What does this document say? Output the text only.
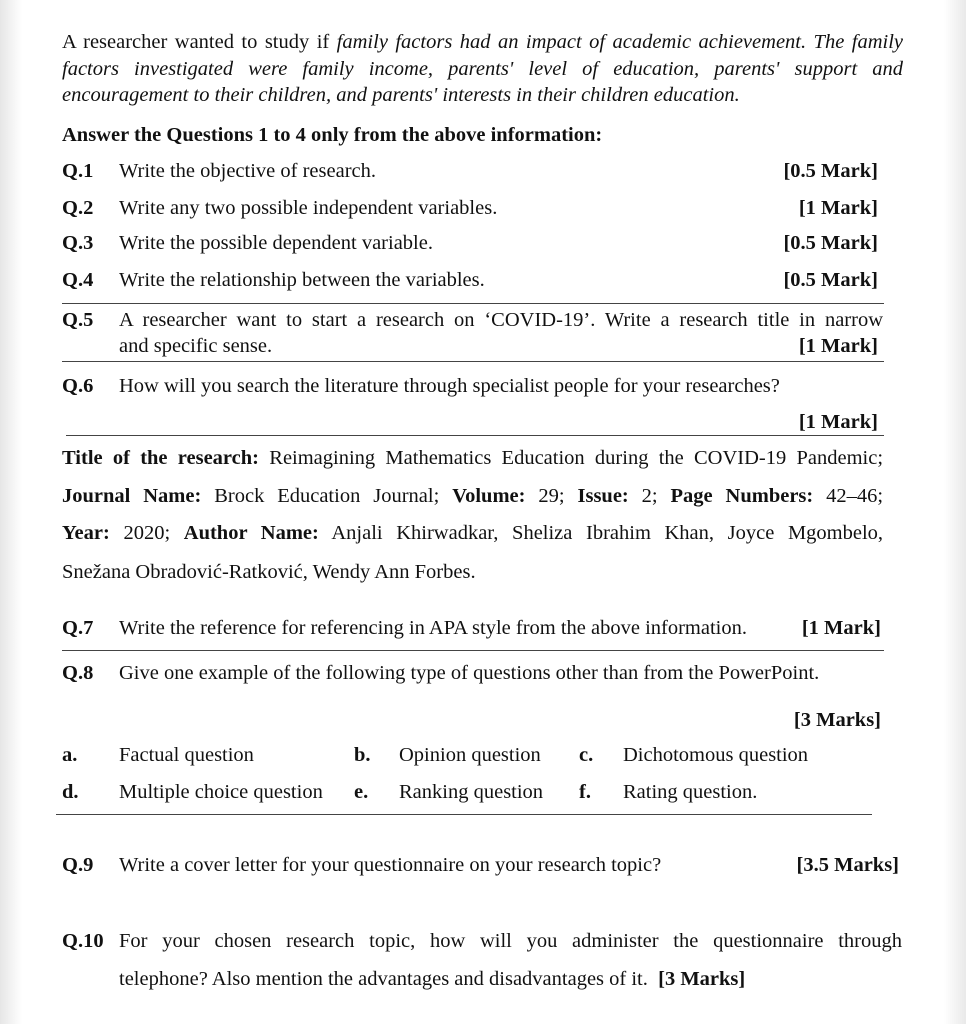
A researcher wanted to study if family factors had an impact of academic achievement. The family
factors investigated were family income, parents' level of education, parents' support and
encouragement to their children, and parents' interests in their children education.
Answer the Questions 1 to 4 only from the above information:
Q.1 Write the objective of research.	[0.5 Mark]
Q.2 Write any two possible independent variables.	[1 Mark]
Q.3 Write the possible dependent variable.	[0.5 Mark]
Q.4 Write the relationship between the variables.	[0.5 Mark]
Q.5 A researcher want to start a research on ‘COVID-19’. Write a research title in narrow
and specific sense.	[1 Mark]
Q.6 How will you search the literature through specialist people for your researches?
[1 Mark]
Title of the research: Reimagining Mathematics Education during the COVID-19 Pandemic;
Journal Name: Brock Education Journal; Volume: 29; Issue: 2; Page Numbers: 42–46;
Year: 2020; Author Name: Anjali Khirwadkar, Sheliza Ibrahim Khan, Joyce Mgombelo,
Snežana Obradović-Ratković, Wendy Ann Forbes.
Q.7 Write the reference for referencing in APA style from the above information.	[1 Mark]
Q.8 Give one example of the following type of questions other than from the PowerPoint.
[3 Marks]
a. Factual question	b. Opinion question c. Dichotomous question
d. Multiple choice question e. Ranking question f. Rating question.
Q.9 Write a cover letter for your questionnaire on your research topic?	[3.5 Marks]
Q.10 For your chosen research topic, how will you administer the questionnaire through
telephone? Also mention the advantages and disadvantages of it. [3 Marks]
